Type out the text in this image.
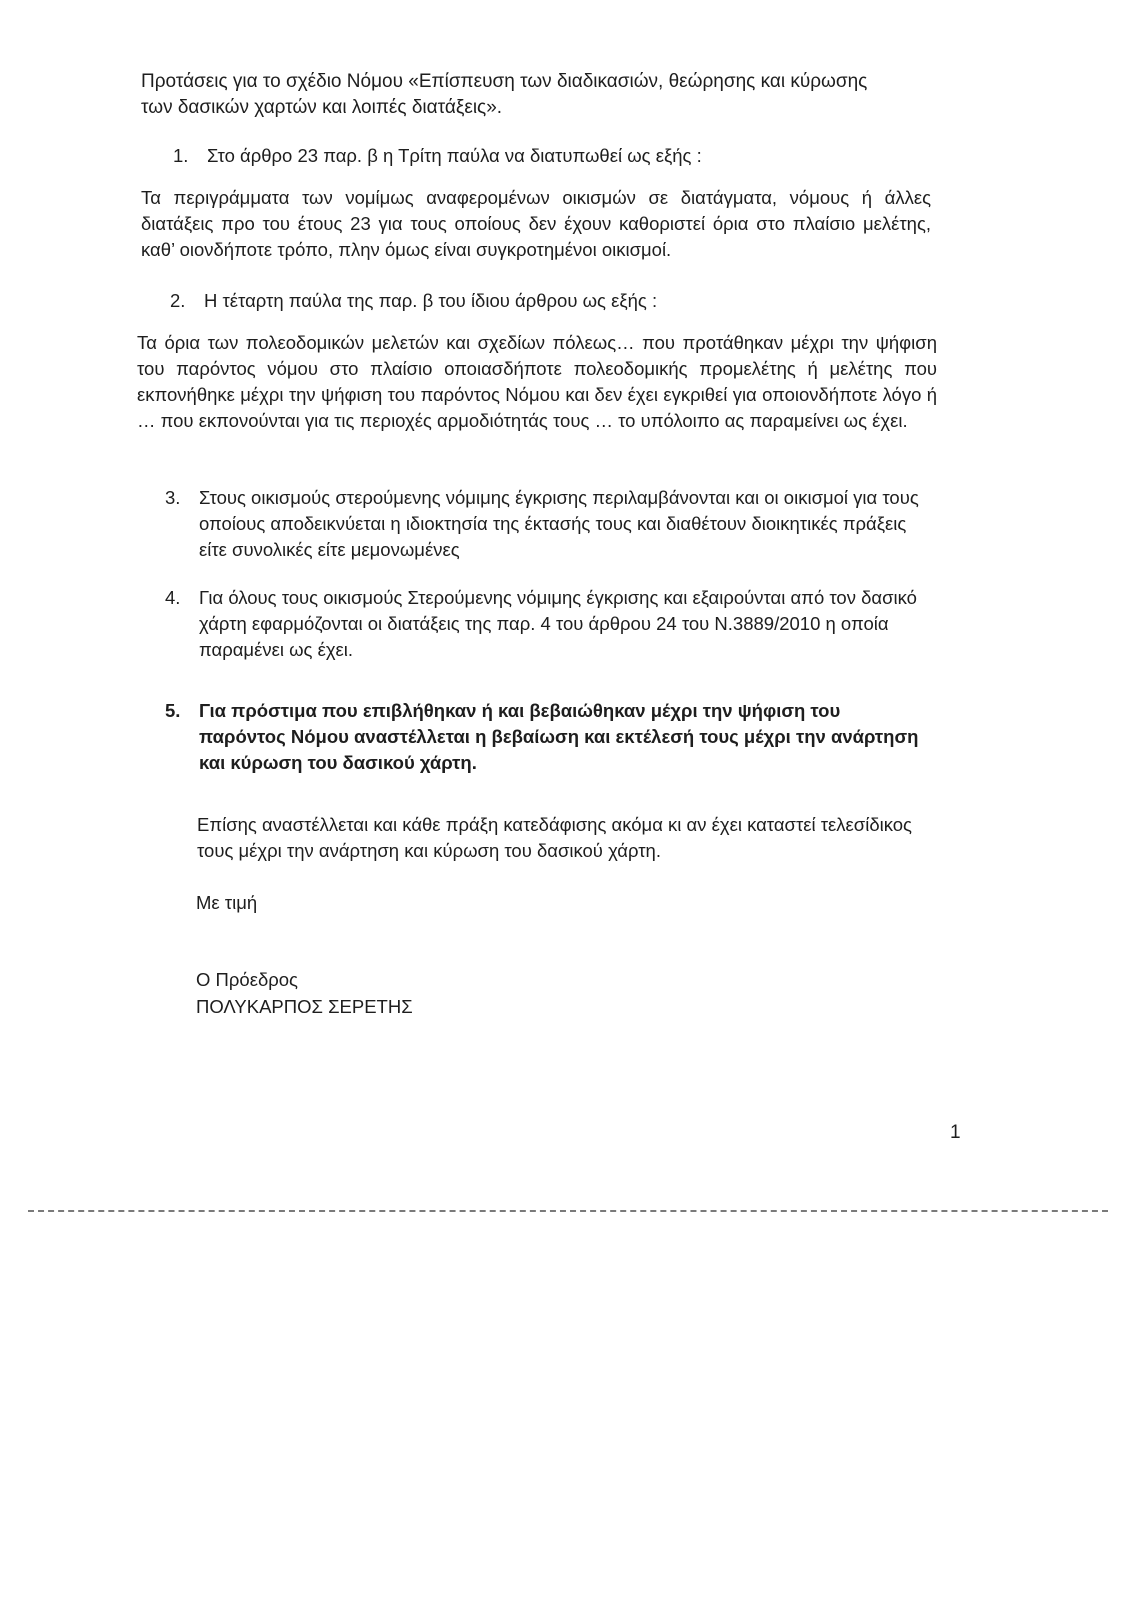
Προτάσεις για το σχέδιο Νόμου «Επίσπευση των διαδικασιών, θεώρησης και κύρωσης των δασικών χαρτών και λοιπές διατάξεις».

1.	Στο άρθρο 23 παρ. β η Τρίτη παύλα να διατυπωθεί ως εξής :

Τα περιγράμματα των νομίμως αναφερομένων οικισμών σε διατάγματα, νόμους ή άλλες διατάξεις προ του έτους 23 για τους οποίους δεν έχουν καθοριστεί όρια στο πλαίσιο μελέτης, καθ’ οιονδήποτε τρόπο, πλην όμως είναι συγκροτημένοι οικισμοί.

2.	Η τέταρτη παύλα της παρ. β του ίδιου άρθρου ως εξής :

Τα όρια των πολεοδομικών μελετών και σχεδίων πόλεως… που προτάθηκαν μέχρι την ψήφιση του παρόντος νόμου στο πλαίσιο οποιασδήποτε πολεοδομικής προμελέτης ή μελέτης που εκπονήθηκε μέχρι την ψήφιση του παρόντος Νόμου και δεν έχει εγκριθεί για οποιονδήποτε λόγο ή … που εκπονούνται για τις περιοχές αρμοδιότητάς τους … το υπόλοιπο ας παραμείνει ως έχει.

3.	Στους οικισμούς στερούμενης νόμιμης έγκρισης περιλαμβάνονται και οι οικισμοί για τους οποίους αποδεικνύεται η ιδιοκτησία της έκτασής τους και διαθέτουν διοικητικές πράξεις είτε συνολικές είτε μεμονωμένες
4.	Για όλους τους οικισμούς Στερούμενης νόμιμης έγκρισης και εξαιρούνται από τον δασικό χάρτη εφαρμόζονται οι διατάξεις της παρ. 4 του άρθρου 24 του Ν.3889/2010 η οποία παραμένει ως έχει.
5.	Για πρόστιμα που επιβλήθηκαν ή και βεβαιώθηκαν μέχρι την ψήφιση του παρόντος Νόμου αναστέλλεται η βεβαίωση και εκτέλεσή τους μέχρι την ανάρτηση και κύρωση του δασικού χάρτη.

Επίσης αναστέλλεται και κάθε πράξη κατεδάφισης ακόμα κι αν έχει καταστεί τελεσίδικος τους μέχρι την ανάρτηση και κύρωση του δασικού χάρτη.

Με τιμή

Ο Πρόεδρος

ΠΟΛΥΚΑΡΠΟΣ ΣΕΡΕΤΗΣ

1
